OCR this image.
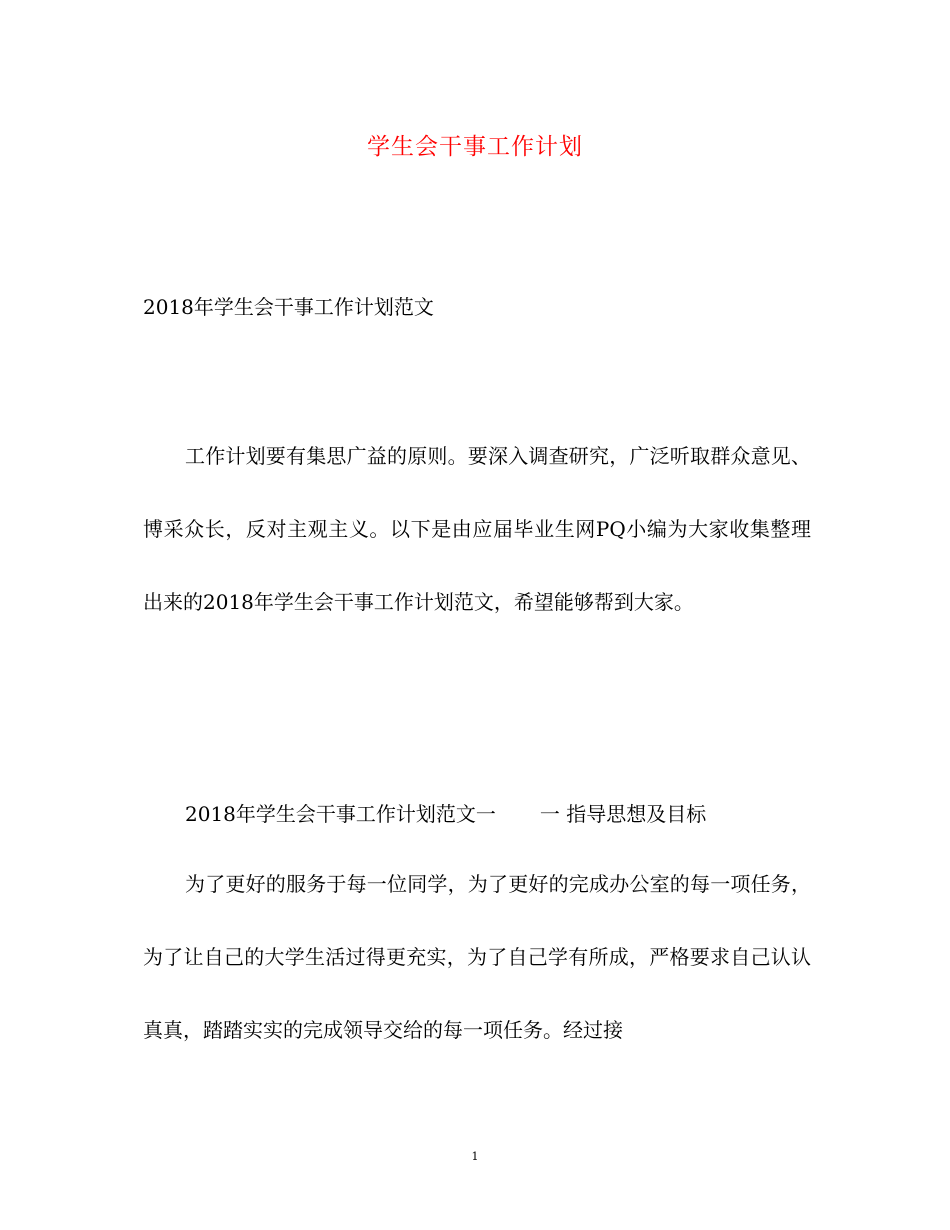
学生会干事工作计划
2018年学生会干事工作计划范文
工作计划要有集思广益的原则。要深入调查研究，广泛听取群众意见、博采众长，反对主观主义。以下是由应届毕业生网PQ小编为大家收集整理出来的2018年学生会干事工作计划范文，希望能够帮到大家。
2018年学生会干事工作计划范文一 一 指导思想及目标
为了更好的服务于每一位同学，为了更好的完成办公室的每一项任务，为了让自己的大学生活过得更充实，为了自己学有所成，严格要求自己认认真真，踏踏实实的完成领导交给的每一项任务。经过接
1
